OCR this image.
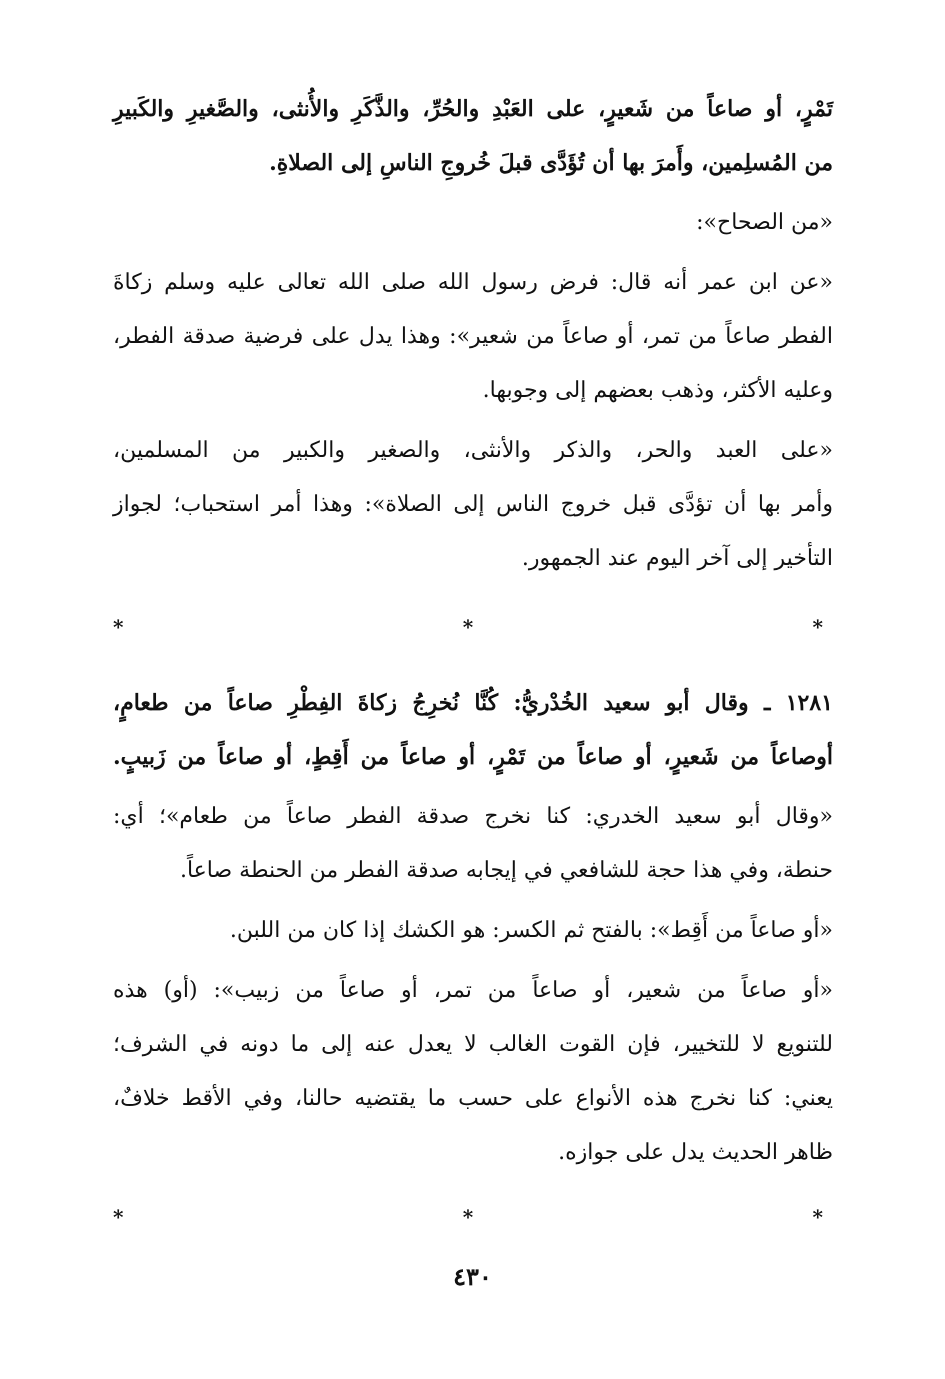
تَمْرٍ، أو صاعاً من شَعيرٍ، على العَبْدِ والحُرِّ، والذَّكَرِ والأُنثى، والصَّغيرِ والكَبيرِ
من المُسلِمين، وأَمرَ بها أن تُؤَدَّى قبلَ خُروجِ الناسِ إلى الصلاةِ.
«من الصحاح»:
«عن ابن عمر أنه قال: فرض رسول الله صلى الله تعالى عليه وسلم زكاةَ
الفطر صاعاً من تمر، أو صاعاً من شعير»: وهذا يدل على فرضية صدقة الفطر،
وعليه الأكثر، وذهب بعضهم إلى وجوبها.
«على العبد والحر، والذكر والأنثى، والصغير والكبير من المسلمين،
وأمر بها أن تؤدَّى قبل خروج الناس إلى الصلاة»: وهذا أمر استحباب؛ لجواز
التأخير إلى آخر اليوم عند الجمهور.
* * *
١٢٨١ ـ وقال أبو سعيد الخُدْريُّ: كُنَّا نُخرِجُ زكاةَ الفِطْرِ صاعاً من طعامٍ،
أوصاعاً من شَعيرٍ، أو صاعاً من تَمْرٍ، أو صاعاً من أَقِطٍ، أو صاعاً من زَبيبٍ.
«وقال أبو سعيد الخدري: كنا نخرج صدقة الفطر صاعاً من طعام»؛ أي:
حنطة، وفي هذا حجة للشافعي في إيجابه صدقة الفطر من الحنطة صاعاً.
«أو صاعاً من أَقِط»: بالفتح ثم الكسر: هو الكشك إذا كان من اللبن.
«أو صاعاً من شعير، أو صاعاً من تمر، أو صاعاً من زبيب»: (أو) هذه
للتنويع لا للتخيير، فإن القوت الغالب لا يعدل عنه إلى ما دونه في الشرف؛
يعني: كنا نخرج هذه الأنواع على حسب ما يقتضيه حالنا، وفي الأقط خلافٌ،
ظاهر الحديث يدل على جوازه.
* * *
٤٣٠
